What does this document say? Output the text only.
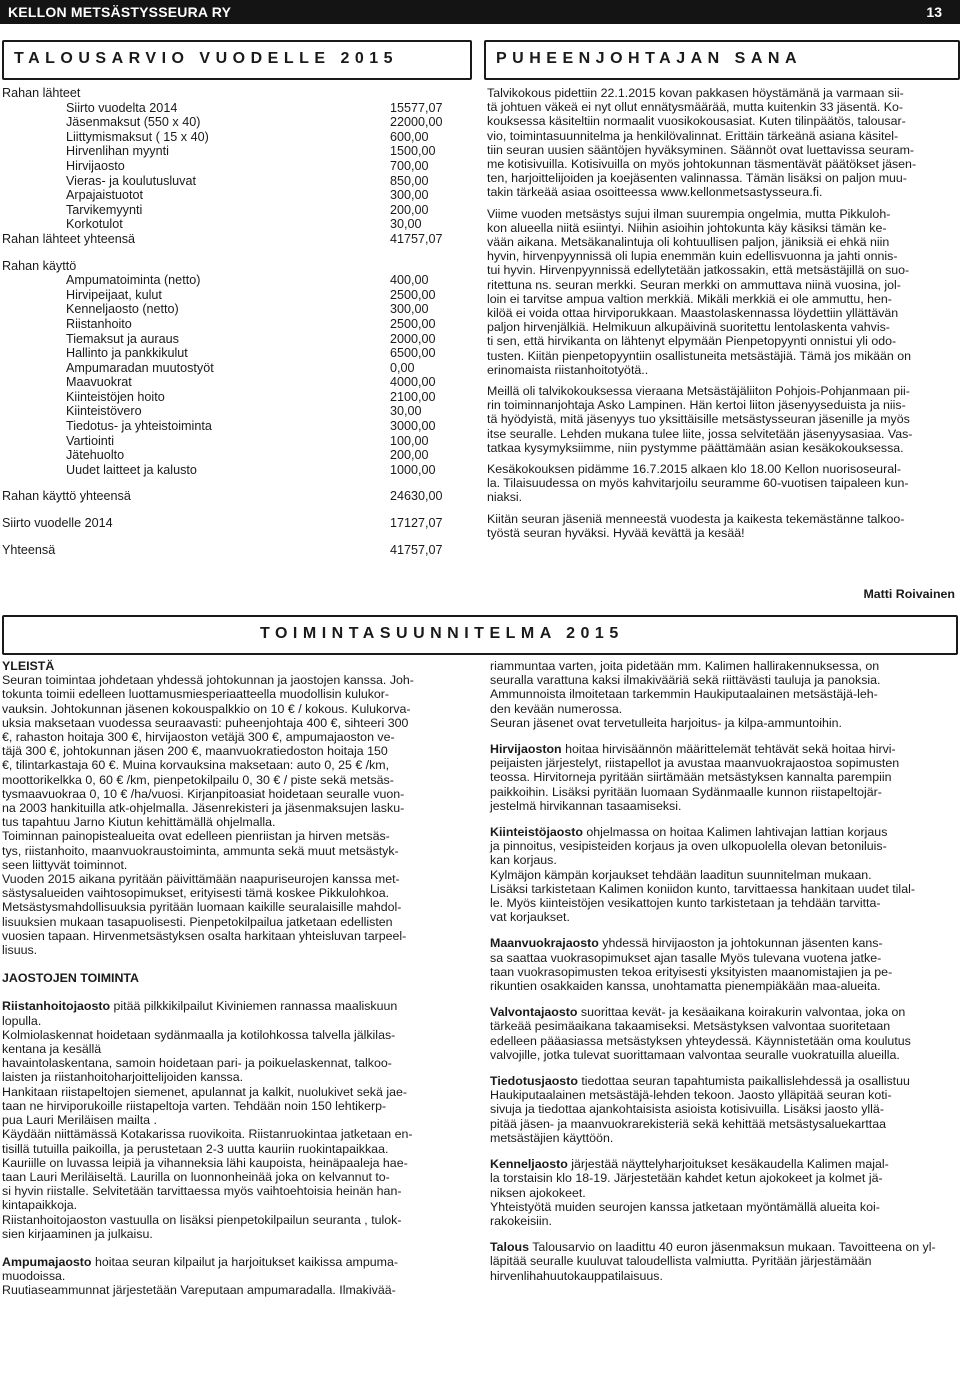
KELLON METSÄSTYSSEURA RY	13
TALOUSARVIO VUODELLE 2015
Rahan lähteet
Siirto vuodelta 2014	15577,07
Jäsenmaksut (550 x 40)	22000,00
Liittymismaksut ( 15 x 40)	600,00
Hirvenlihan myynti	1500,00
Hirvijaosto	700,00
Vieras- ja koulutusluvat	850,00
Arpajaistuotot	300,00
Tarvikemyynti	200,00
Korkotulot	30,00
Rahan lähteet yhteensä	41757,07
Rahan käyttö
Ampumatoiminta (netto)	400,00
Hirvipeijaat, kulut	2500,00
Kenneljaosto (netto)	300,00
Riistanhoito	2500,00
Tiemaksut ja auraus	2000,00
Hallinto ja pankkikulut	6500,00
Ampumaradan muutostyöt	0,00
Maavuokrat	4000,00
Kiinteistöjen hoito	2100,00
Kiinteistövero	30,00
Tiedotus- ja yhteistoiminta	3000,00
Vartiointi	100,00
Jätehuolto	200,00
Uudet laitteet ja kalusto	1000,00
Rahan käyttö yhteensä	24630,00
Siirto vuodelle 2014	17127,07
Yhteensä	41757,07
PUHEENJOHTAJAN SANA
Talvikokous pidettiin 22.1.2015 kovan pakkasen höystämänä ja varmaan sii-
tä johtuen väkeä ei nyt ollut ennätysmäärää, mutta kuitenkin 33 jäsentä. Ko-
kouksessa käsiteltiin normaalit vuosikokousasiat. Kuten tilinpäätös, talousar-
vio, toimintasuunnitelma ja henkilövalinnat. Erittäin tärkeänä asiana käsitel-
tiin seuran uusien sääntöjen hyväksyminen. Säännöt ovat luettavissa seuram-
me kotisivuilla. Kotisivuilla on myös johtokunnan täsmentävät päätökset jäsen-
ten, harjoittelijoiden ja koejäsenten valinnassa. Tämän lisäksi on paljon muu-
takin tärkeää asiaa osoitteessa www.kellonmetsastysseura.fi.
Viime vuoden metsästys sujui ilman suurempia ongelmia, mutta Pikkuloh-
kon alueella niitä esiintyi. Niihin asioihin johtokunta käy käsiksi tämän ke-
vään aikana. Metsäkanalintuja oli kohtuullisen paljon, jäniksiä ei ehkä niin
hyvin, hirvenpyynnissä oli lupia enemmän kuin edellisvuonna ja jahti onnis-
tui hyvin. Hirvenpyynnissä edellytetään jatkossakin, että metsästäjillä on suo-
ritettuna ns. seuran merkki. Seuran merkki on ammuttava niinä vuosina, jol-
loin ei tarvitse ampua valtion merkkiä. Mikäli merkkiä ei ole ammuttu, hen-
kilöä ei voida ottaa hirviporukkaan. Maastolaskennassa löydettiin yllättävän
paljon hirvenjälkiä. Helmikuun alkupäivinä suoritettu lentolaskenta vahvis-
ti sen, että hirvikanta on lähtenyt elpymään Pienpetopyynti onnistui yli odo-
tusten. Kiitän pienpetopyyntiin osallistuneita metsästäjiä. Tämä jos mikään on
erinomaista riistanhoitotyötä..
Meillä oli talvikokouksessa vieraana Metsästäjäliiton Pohjois-Pohjanmaan pii-
rin toiminnanjohtaja Asko Lampinen. Hän kertoi liiton jäsenyyseduista ja niis-
tä hyödyistä, mitä jäsenyys tuo yksittäisille metsästysseuran jäsenille ja myös
itse seuralle. Lehden mukana tulee liite, jossa selvitetään jäsenyysasiaa. Vas-
tatkaa kysymyksiimme, niin pystymme päättämään asian kesäkokouksessa.
Kesäkokouksen pidämme 16.7.2015 alkaen klo 18.00 Kellon nuorisoseural-
la. Tilaisuudessa on myös kahvitarjoilu seuramme 60-vuotisen taipaleen kun-
niaksi.
Kiitän seuran jäseniä menneestä vuodesta ja kaikesta tekemästänne talkoo-
työstä seuran hyväksi. Hyvää kevättä ja kesää!
Matti Roivainen
TOIMINTASUUNNITELMA 2015
YLEISTÄ
Seuran toimintaa johdetaan yhdessä johtokunnan ja jaostojen kanssa. Joh-
tokunta toimii edelleen luottamusmiesperiaatteella muodollisin kulukor-
vauksin. Johtokunnan jäsenen kokouspalkkio on 10 € / kokous. Kulukorva-
uksia maksetaan vuodessa seuraavasti: puheenjohtaja 400 €, sihteeri 300
€, rahaston hoitaja 300 €, hirvijaoston vetäjä 300 €, ampumajaoston ve-
täjä 300 €, johtokunnan jäsen 200 €, maanvuokratiedoston hoitaja 150
€, tilintarkastaja 60 €. Muina korvauksina maksetaan: auto 0, 25 € /km,
moottorikelkka 0, 60 € /km, pienpetokilpailu 0, 30 € / piste sekä metsäs-
tysmaavuokraa 0, 10 € /ha/vuosi. Kirjanpitoasiat hoidetaan seuralle vuon-
na 2003 hankituilla atk-ohjelmalla. Jäsenrekisteri ja jäsenmaksujen lasku-
tus tapahtuu Jarno Kiutun kehittämällä ohjelmalla.
Toiminnan painopistealueita ovat edelleen pienriistan ja hirven metsäs-
tys, riistanhoito, maanvuokraustoiminta, ammunta sekä muut metsästyk-
seen liittyvät toiminnot.
Vuoden 2015 aikana pyritään päivittämään naapuriseurojen kanssa met-
sästysalueiden vaihtosopimukset, erityisesti tämä koskee Pikkulohkoa.
Metsästysmahdollisuuksia pyritään luomaan kaikille seuralaisille mahdol-
lisuuksien mukaan tasapuolisesti. Pienpetokilpailua jatketaan edellisten
vuosien tapaan. Hirvenmetsästyksen osalta harkitaan yhteisluvan tarpeel-
lisuus.
JAOSTOJEN TOIMINTA
Riistanhoitojaosto pitää pilkkikilpailut Kiviniemen rannassa maaliskuun
lopulla.
Kolmiolaskennat hoidetaan sydänmaalla ja kotilohkossa talvella jälkilas-
kentana ja kesällä
havaintolaskentana, samoin hoidetaan pari- ja poikuelaskennat, talkoo-
laisten ja riistanhoitoharjoittelijoiden kanssa.
Hankitaan riistapeltojen siemenet, apulannat ja kalkit, nuolukivet sekä jae-
taan ne hirviporukoille riistapeltoja varten. Tehdään noin 150 lehtikerp-
pua Lauri Meriläisen mailta .
Käydään niittämässä Kotakarissa ruovikoita. Riistanruokintaa jatketaan en-
tisillä tutuilla paikoilla, ja perustetaan 2-3 uutta kauriin ruokintapaikkaa.
Kauriille on luvassa leipiä ja vihanneksia lähi kaupoista, heinäpaaleja hae-
taan Lauri Meriläiseltä. Laurilla on luonnonheinää joka on kelvannut to-
si hyvin riistalle. Selvitetään tarvittaessa myös vaihtoehtoisia heinän han-
kintapaikkoja.
Riistanhoitojaoston vastuulla on lisäksi pienpetokilpailun seuranta , tulok-
sien kirjaaminen ja julkaisu.
Ampumajaosto hoitaa seuran kilpailut ja harjoitukset kaikissa ampuma-
muodoissa.
Ruutiaseammunnat järjestetään Vareputaan ampumaradalla. Ilmakivää-
riammuntaa varten, joita pidetään mm. Kalimen hallirakennuksessa, on
seuralla varattuna kaksi ilmakivääriä sekä riittävästi tauluja ja panoksia.
Ammunnoista ilmoitetaan tarkemmin Haukiputaalainen metsästäjä-leh-
den kevään numerossa.
Seuran jäsenet ovat tervetulleita harjoitus- ja kilpa-ammuntoihin.
Hirvijaoston hoitaa hirvisäännön määrittelemät tehtävät sekä hoitaa hirvi-
peijaisten järjestelyt, riistapellot ja avustaa maanvuokrajaostoa sopimusten
teossa. Hirvitorneja pyritään siirtämään metsästyksen kannalta parempiin
paikkoihin. Lisäksi pyritään luomaan Sydänmaalle kunnon riistapeltojär-
jestelmä hirvikannan tasaamiseksi.
Kiinteistöjaosto ohjelmassa on hoitaa Kalimen lahtivajan lattian korjaus
ja pinnoitus, vesipisteiden korjaus ja oven ulkopuolella olevan betoniluis-
kan korjaus.
Kylmäjon kämpän korjaukset tehdään laaditun suunnitelman mukaan.
Lisäksi tarkistetaan Kalimen koniidon kunto, tarvittaessa hankitaan uudet tilal-
le. Myös kiinteistöjen vesikattojen kunto tarkistetaan ja tehdään tarvitta-
vat korjaukset.
Maanvuokrajaosto yhdessä hirvijaoston ja johtokunnan jäsenten kans-
sa saattaa vuokrasopimukset ajan tasalle Myös tulevana vuotena jatke-
taan vuokrasopimusten tekoa erityisesti yksityisten maanomistajien ja pe-
rikuntien osakkaiden kanssa, unohtamatta pienempiäkään maa-alueita.
Valvontajaosto suorittaa kevät- ja kesäaikana koirakurin valvontaa, joka on
tärkeää pesimäaikana takaamiseksi. Metsästyksen valvontaa suoritetaan
edelleen pääasiassa metsästyksen yhteydessä. Käynnistetään oma koulutus
valvojille, jotka tulevat suorittamaan valvontaa seuralle vuokratuilla alueilla.
Tiedotusjaosto tiedottaa seuran tapahtumista paikallislehdessä ja osallistuu
Haukiputaalainen metsästäjä-lehden tekoon. Jaosto ylläpitää seuran koti-
sivuja ja tiedottaa ajankohtaisista asioista kotisivuilla. Lisäksi jaosto yllä-
pitää jäsen- ja maanvuokrarekisteriä sekä kehittää metsästysaluekarttaa
metsästäjien käyttöön.
Kenneljaosto järjestää näyttelyharjoitukset kesäkaudella Kalimen majal-
la torstaisin klo 18-19. Järjestetään kahdet ketun ajokokeet ja kolmet jä-
niksen ajokokeet.
Yhteistyötä muiden seurojen kanssa jatketaan myöntämällä alueita koi-
rakokeisiin.
Talous Talousarvio on laadittu 40 euron jäsenmaksun mukaan. Tavoitteena on yl-
läpitää seuralle kuuluvat taloudellista valmiutta. Pyritään järjestämään
hirvenlihahuutokauppatilaisuus.
